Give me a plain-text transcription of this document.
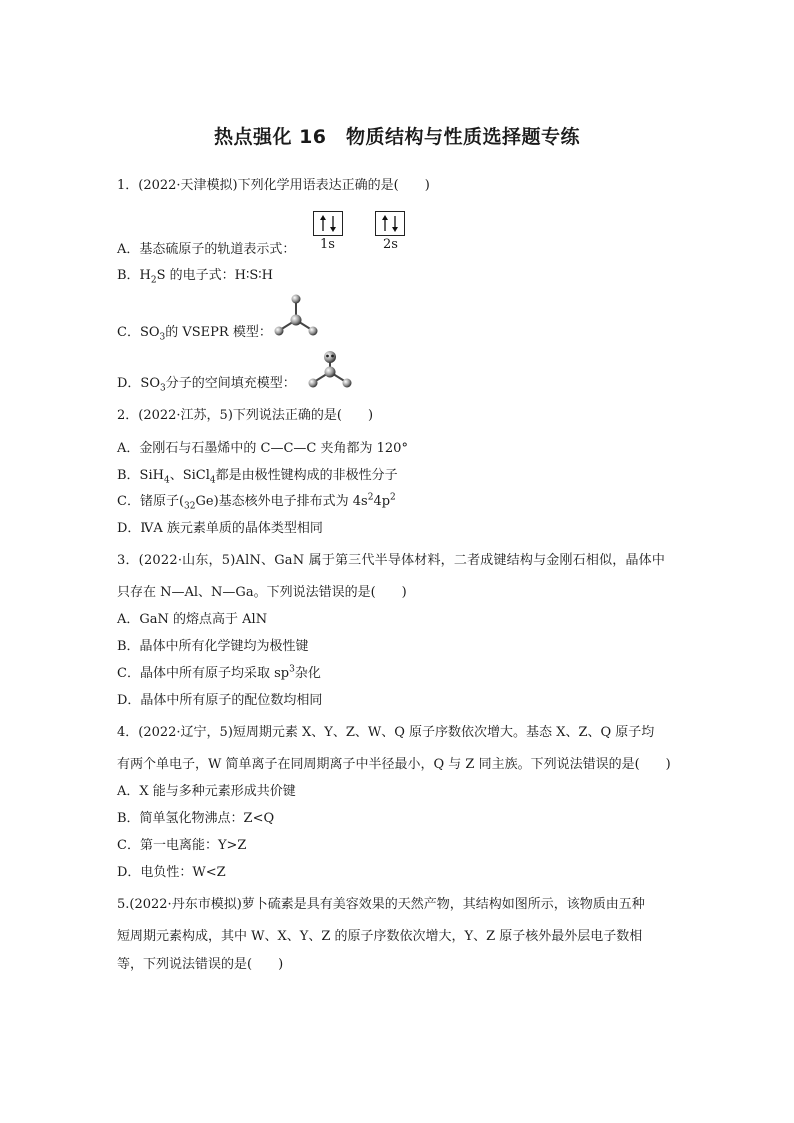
热点强化 16　物质结构与性质选择题专练
1．(2022·天津模拟)下列化学用语表达正确的是(　　)
1s	2s
A．基态硫原子的轨道表示式：
B．$H_2S$ 的电子式：H∶S∶H
C．$SO_3$的 VSEPR 模型：
D．$SO_3$分子的空间填充模型：
2．(2022·江苏，5)下列说法正确的是(　　)
A．金刚石与石墨烯中的 C—C—C 夹角都为 120°
B．SiH$_4$、SiCl$_4$都是由极性键构成的非极性分子
C．锗原子$(_{32}Ge)$基态核外电子排布式为 $4s^24p^2$
D．ⅣA 族元素单质的晶体类型相同
3．(2022·山东，5)AlN、GaN 属于第三代半导体材料，二者成键结构与金刚石相似，晶体中
只存在 N—Al、N—Ga。下列说法错误的是(　　)
A．GaN 的熔点高于 AlN
B．晶体中所有化学键均为极性键
C．晶体中所有原子均采取 $sp^3$杂化
D．晶体中所有原子的配位数均相同
4．(2022·辽宁，5)短周期元素 X、Y、Z、W、Q 原子序数依次增大。基态 X、Z、Q 原子均
有两个单电子，W 简单离子在同周期离子中半径最小，Q 与 Z 同主族。下列说法错误的是(　　)
A．X 能与多种元素形成共价键
B．简单氢化物沸点：Z<Q
C．第一电离能：Y>Z
D．电负性：W<Z
5.(2022·丹东市模拟)萝卜硫素是具有美容效果的天然产物，其结构如图所示，该物质由五种
短周期元素构成，其中 W、X、Y、Z 的原子序数依次增大，Y、Z 原子核外最外层电子数相
等，下列说法错误的是(　　)
